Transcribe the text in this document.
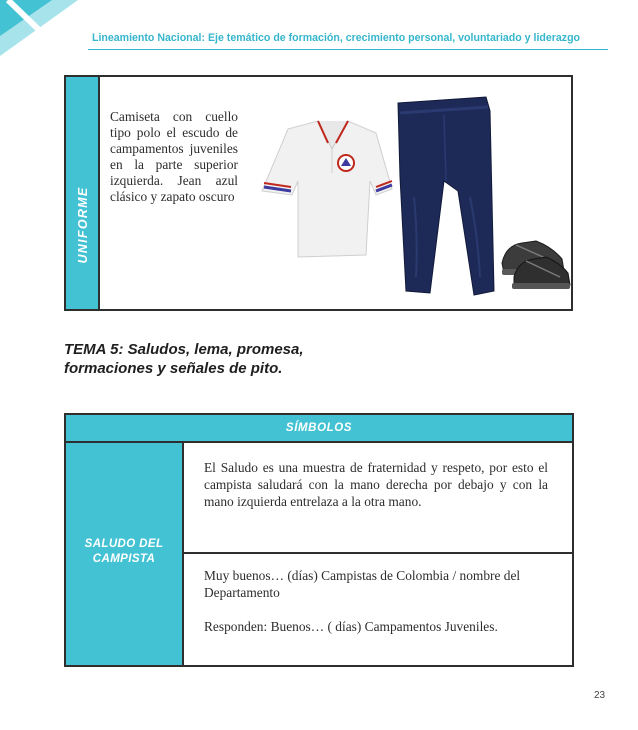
Lineamiento Nacional: Eje temático de formación, crecimiento personal, voluntariado y liderazgo
UNIFORME
Camiseta con cuello tipo polo el escudo de campamentos juveniles en la parte superior izquierda. Jean azul clásico y zapato oscuro
TEMA 5: Saludos, lema, promesa,
formaciones y señales de pito.
SÍMBOLOS
SALUDO DEL
CAMPISTA
El Saludo es una muestra de fraternidad y respeto, por esto el campista saludará con la mano derecha por debajo y con la mano izquierda entrelaza a la otra mano.

Muy buenos… (días) Campistas de Colombia / nombre del Departamento

Responden: Buenos… ( días) Campamentos Juveniles.

23
